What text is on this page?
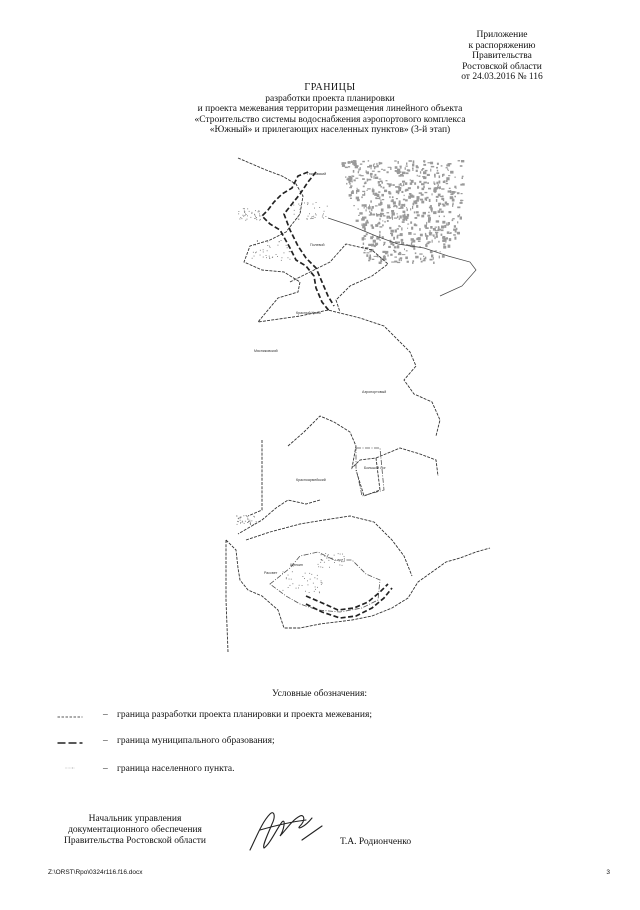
Приложение
к распоряжению
Правительства
Ростовской области
от 24.03.2016 № 116
ГРАНИЦЫ
разработки проекта планировки
и проекта межевания территории размещения линейного объекта
«Строительство системы водоснабжения аэропортового комплекса
«Южный» и прилегающих населенных пунктов» (3-й этап)
Гниловский
Полевой
Мясниковский
Красный Крым
Большой Лог
Красноармейский
Аэропортовый
Щепкин
Рассвет
Условные обозначения:
– граница разработки проекта планировки и проекта межевания;
– граница муниципального образования;
– граница населенного пункта.
Начальник управления
документационного обеспечения
Правительства Ростовской области	Т.А. Родионченко
Z:\ORST\Rpo\0324r116.f16.docx	3
